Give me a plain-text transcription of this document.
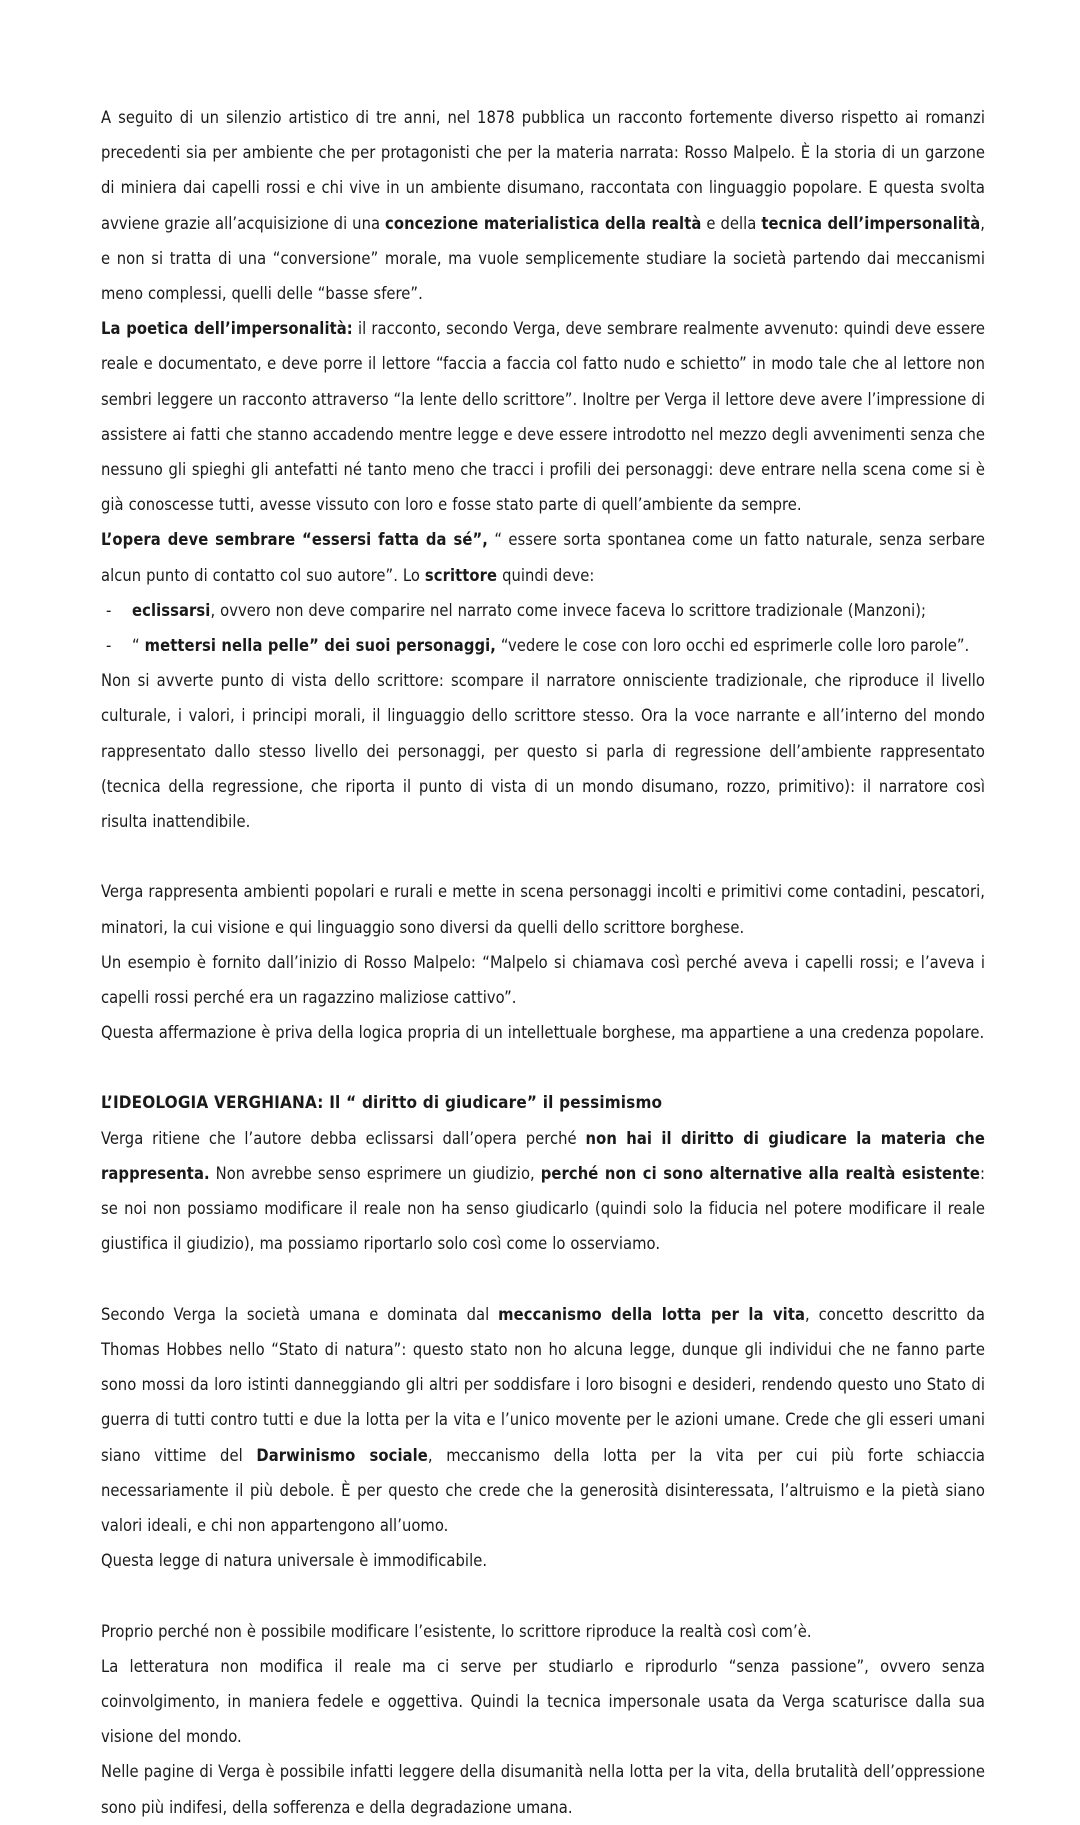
A seguito di un silenzio artistico di tre anni, nel 1878 pubblica un racconto fortemente diverso rispetto ai romanzi precedenti sia per ambiente che per protagonisti che per la materia narrata: Rosso Malpelo. È la storia di un garzone di miniera dai capelli rossi e chi vive in un ambiente disumano, raccontata con linguaggio popolare. E questa svolta avviene grazie all’acquisizione di una concezione materialistica della realtà e della tecnica dell’impersonalità, e non si tratta di una “conversione” morale, ma vuole semplicemente studiare la società partendo dai meccanismi meno complessi, quelli delle “basse sfere”.

La poetica dell’impersonalità: il racconto, secondo Verga, deve sembrare realmente avvenuto: quindi deve essere reale e documentato, e deve porre il lettore “faccia a faccia col fatto nudo e schietto” in modo tale che al lettore non sembri leggere un racconto attraverso “la lente dello scrittore”. Inoltre per Verga il lettore deve avere l’impressione di assistere ai fatti che stanno accadendo mentre legge e deve essere introdotto nel mezzo degli avvenimenti senza che nessuno gli spieghi gli antefatti né tanto meno che tracci i profili dei personaggi: deve entrare nella scena come si è già conoscesse tutti, avesse vissuto con loro e fosse stato parte di quell’ambiente da sempre.

L’opera deve sembrare “essersi fatta da sé”, “ essere sorta spontanea come un fatto naturale, senza serbare alcun punto di contatto col suo autore”. Lo scrittore quindi deve:

- eclissarsi, ovvero non deve comparire nel narrato come invece faceva lo scrittore tradizionale (Manzoni);
- “ mettersi nella pelle” dei suoi personaggi, “vedere le cose con loro occhi ed esprimerle colle loro parole”.

Non si avverte punto di vista dello scrittore: scompare il narratore onnisciente tradizionale, che riproduce il livello culturale, i valori, i principi morali, il linguaggio dello scrittore stesso. Ora la voce narrante e all’interno del mondo rappresentato dallo stesso livello dei personaggi, per questo si parla di regressione dell’ambiente rappresentato (tecnica della regressione, che riporta il punto di vista di un mondo disumano, rozzo, primitivo): il narratore così risulta inattendibile.

Verga rappresenta ambienti popolari e rurali e mette in scena personaggi incolti e primitivi come contadini, pescatori, minatori, la cui visione e qui linguaggio sono diversi da quelli dello scrittore borghese.

Un esempio è fornito dall’inizio di Rosso Malpelo: “Malpelo si chiamava così perché aveva i capelli rossi; e l’aveva i capelli rossi perché era un ragazzino maliziose cattivo”.

Questa affermazione è priva della logica propria di un intellettuale borghese, ma appartiene a una credenza popolare.

L’IDEOLOGIA VERGHIANA: Il “ diritto di giudicare” il pessimismo

Verga ritiene che l’autore debba eclissarsi dall’opera perché non hai il diritto di giudicare la materia che rappresenta. Non avrebbe senso esprimere un giudizio, perché non ci sono alternative alla realtà esistente: se noi non possiamo modificare il reale non ha senso giudicarlo (quindi solo la fiducia nel potere modificare il reale giustifica il giudizio), ma possiamo riportarlo solo così come lo osserviamo.

Secondo Verga la società umana e dominata dal meccanismo della lotta per la vita, concetto descritto da Thomas Hobbes nello “Stato di natura”: questo stato non ho alcuna legge, dunque gli individui che ne fanno parte sono mossi da loro istinti danneggiando gli altri per soddisfare i loro bisogni e desideri, rendendo questo uno Stato di guerra di tutti contro tutti e due la lotta per la vita e l’unico movente per le azioni umane. Crede che gli esseri umani siano vittime del Darwinismo sociale, meccanismo della lotta per la vita per cui più forte schiaccia necessariamente il più debole. È per questo che crede che la generosità disinteressata, l’altruismo e la pietà siano valori ideali, e chi non appartengono all’uomo.

Questa legge di natura universale è immodificabile.

Proprio perché non è possibile modificare l’esistente, lo scrittore riproduce la realtà così com’è.

La letteratura non modifica il reale ma ci serve per studiarlo e riprodurlo “senza passione”, ovvero senza coinvolgimento, in maniera fedele e oggettiva. Quindi la tecnica impersonale usata da Verga scaturisce dalla sua visione del mondo.

Nelle pagine di Verga è possibile infatti leggere della disumanità nella lotta per la vita, della brutalità dell’oppressione sono più indifesi, della sofferenza e della degradazione umana.
